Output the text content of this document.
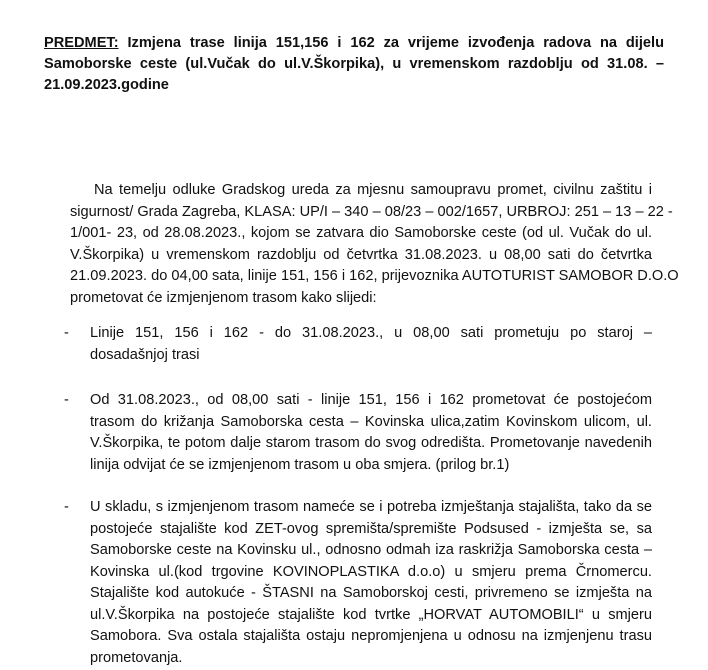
PREDMET: Izmjena trase linija 151,156 i 162 za vrijeme izvođenja radova na dijelu
Samoborske ceste (ul.Vučak do ul.V.Škorpika), u vremenskom razdoblju od 31.08. –
21.09.2023.godine
Na temelju odluke Gradskog ureda za mjesnu samoupravu promet, civilnu zaštitu i
sigurnost/ Grada Zagreba, KLASA: UP/I – 340 – 08/23 – 002/1657, URBROJ: 251 – 13 – 22 -
1/001- 23, od 28.08.2023., kojom se zatvara dio Samoborske ceste (od ul. Vučak do ul.
V.Škorpika) u vremenskom razdoblju od četvrtka 31.08.2023. u 08,00 sati do četvrtka
21.09.2023. do 04,00 sata, linije 151, 156 i 162, prijevoznika AUTOTURIST SAMOBOR D.O.O
prometovat će izmjenjenom trasom kako slijedi:
-	Linije 151, 156 i 162 - do 31.08.2023., u 08,00 sati prometuju po staroj –
dosadašnjoj trasi
-	Od 31.08.2023., od 08,00 sati - linije 151, 156 i 162 prometovat će postojećom
trasom do križanja Samoborska cesta – Kovinska ulica,zatim Kovinskom ulicom, ul.
V.Škorpika, te potom dalje starom trasom do svog odredišta. Prometovanje navedenih
linija odvijat će se izmjenjenom trasom u oba smjera. (prilog br.1)
-	U skladu, s izmjenjenom trasom nameće se i potreba izmještanja stajališta, tako da se
postojeće stajalište kod ZET-ovog spremišta/spremište Podsused - izmješta se, sa
Samoborske ceste na Kovinsku ul., odnosno odmah iza raskrižja Samoborska cesta –
Kovinska ul.(kod trgovine KOVINOPLASTIKA d.o.o) u smjeru prema Črnomercu.
Stajalište kod autokuće - ŠTASNI na Samoborskoj cesti, privremeno se izmješta na
ul.V.Škorpika na postojeće stajalište kod tvrtke „HORVAT AUTOMOBILI“ u smjeru
Samobora. Sva ostala stajališta ostaju nepromjenjena u odnosu na izmjenjenu trasu
prometovanja.
